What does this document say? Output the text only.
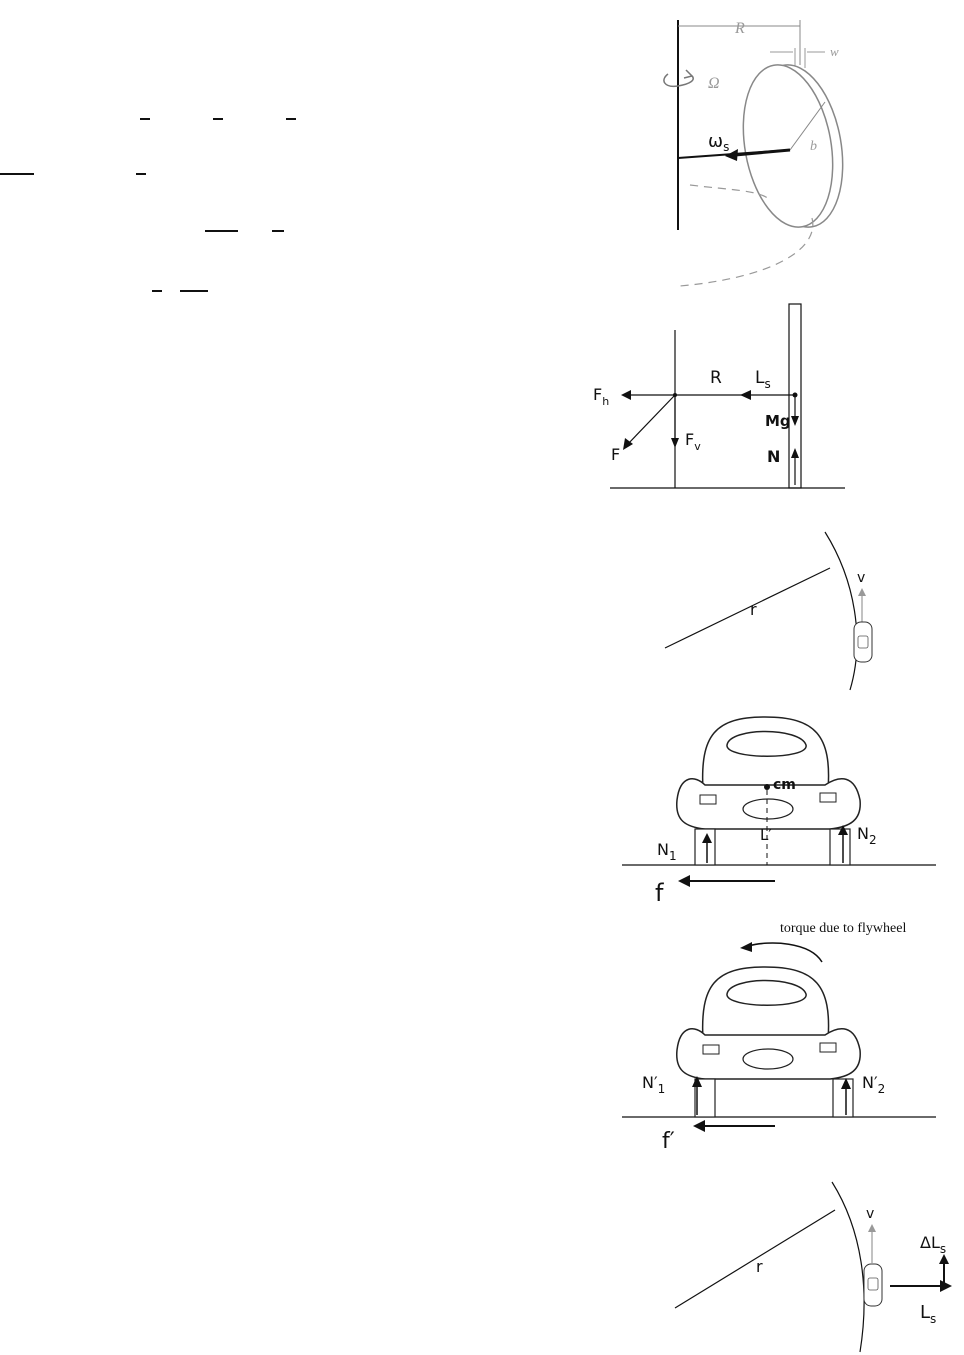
R
w
Ω
b
$\omega_s$
$F_h$
F
$F_v$
R $L_s$
Mg
N
r
v
cm
L′
$N_1$
$N_2$
f
torque due to flywheel
$N'_1$	$N'_2$
f′
r
v
$\Delta L_s$
$L_s$
